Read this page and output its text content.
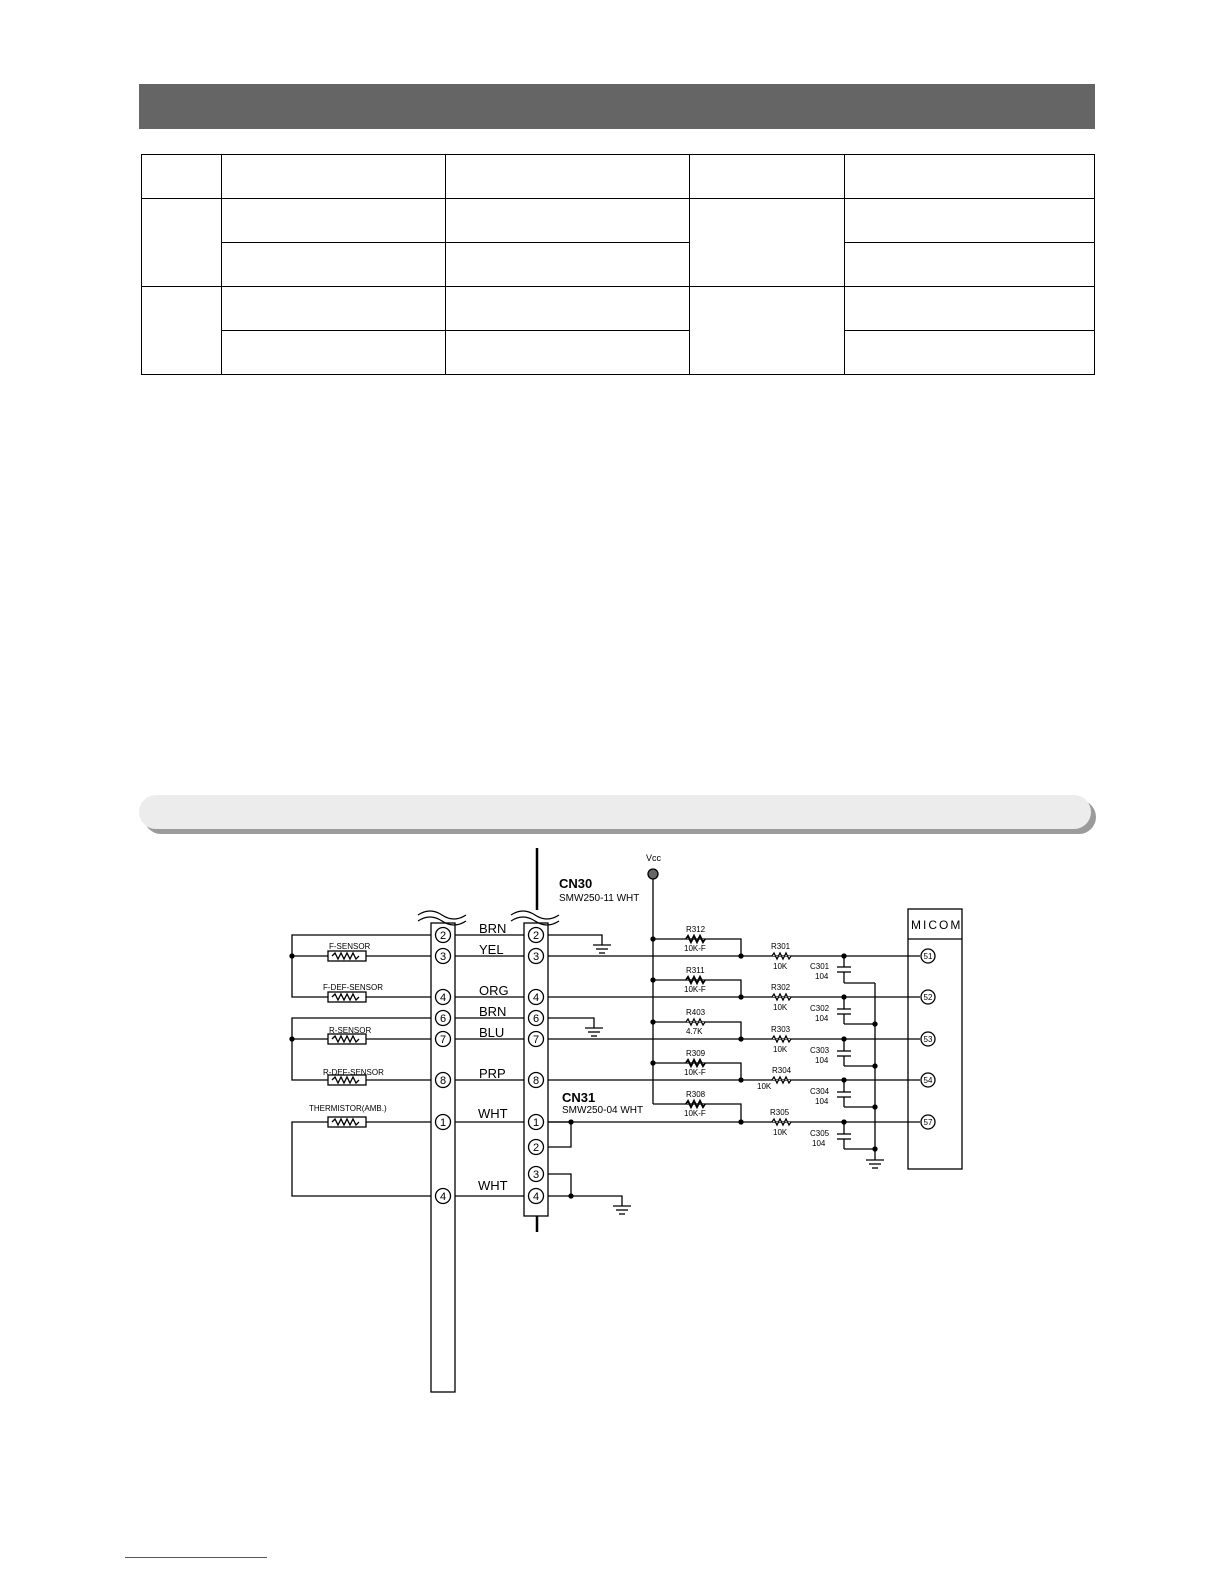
Vcc
CN30
SMW250-11 WHT
CN31
SMW250-04 WHT
MICOM
F-SENSOR
F-DEF-SENSOR
R-SENSOR
R-DEF-SENSOR
THERMISTOR(AMB.)
BRN
YEL
ORG
BRN
BLU
PRP
WHT
WHT
2
3
4
6
7
8
1
4
2
3
4
6
7
8
1
2
3
4
R312
10K-F
R311
10K-F
R403
4.7K
R309
10K-F
R308
10K-F
R301
10K
R302
10K
R303
10K
R304
10K
R305
10K
C301
104
C302
104
C303
104
C304
104
C305
104
51
52
53
54
57
